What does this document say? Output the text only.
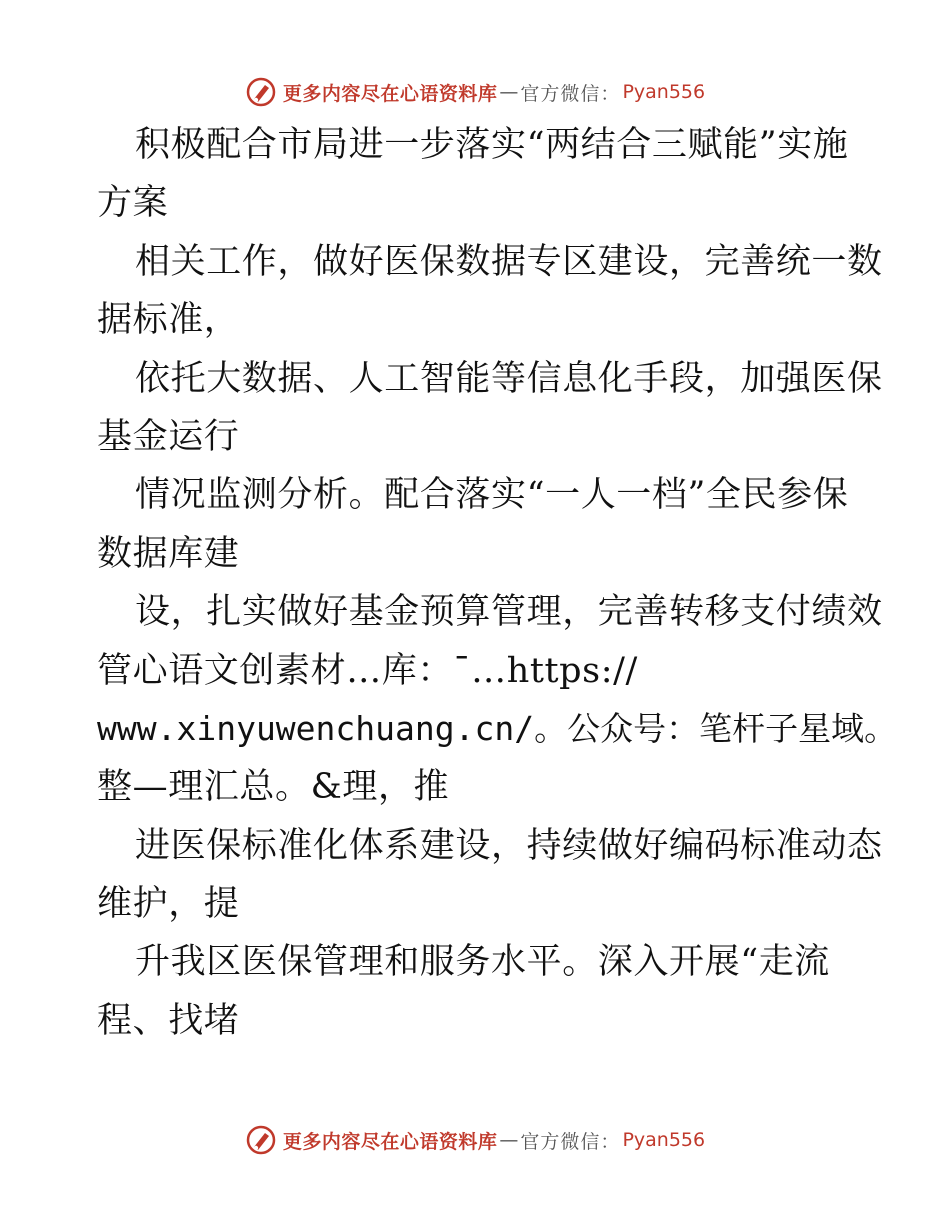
更多内容尽在心语资料库 — 官方微信： Pyan556
积极配合市局进一步落实“两结合三赋能”实施
方案
相关工作，做好医保数据专区建设，完善统一数
据标准，
依托大数据、人工智能等信息化手段，加强医保
基金运行
情况监测分析。配合落实“一人一档”全民参保
数据库建
设，扎实做好基金预算管理，完善转移支付绩效
管心语文创素材…库：¯…https://
www.xinyuwenchuang.cn/。公众号：笔杆子星域。
整—理汇总。&理，推
进医保标准化体系建设，持续做好编码标准动态
维护，提
升我区医保管理和服务水平。深入开展“走流
程、找堵
更多内容尽在心语资料库 — 官方微信： Pyan556
